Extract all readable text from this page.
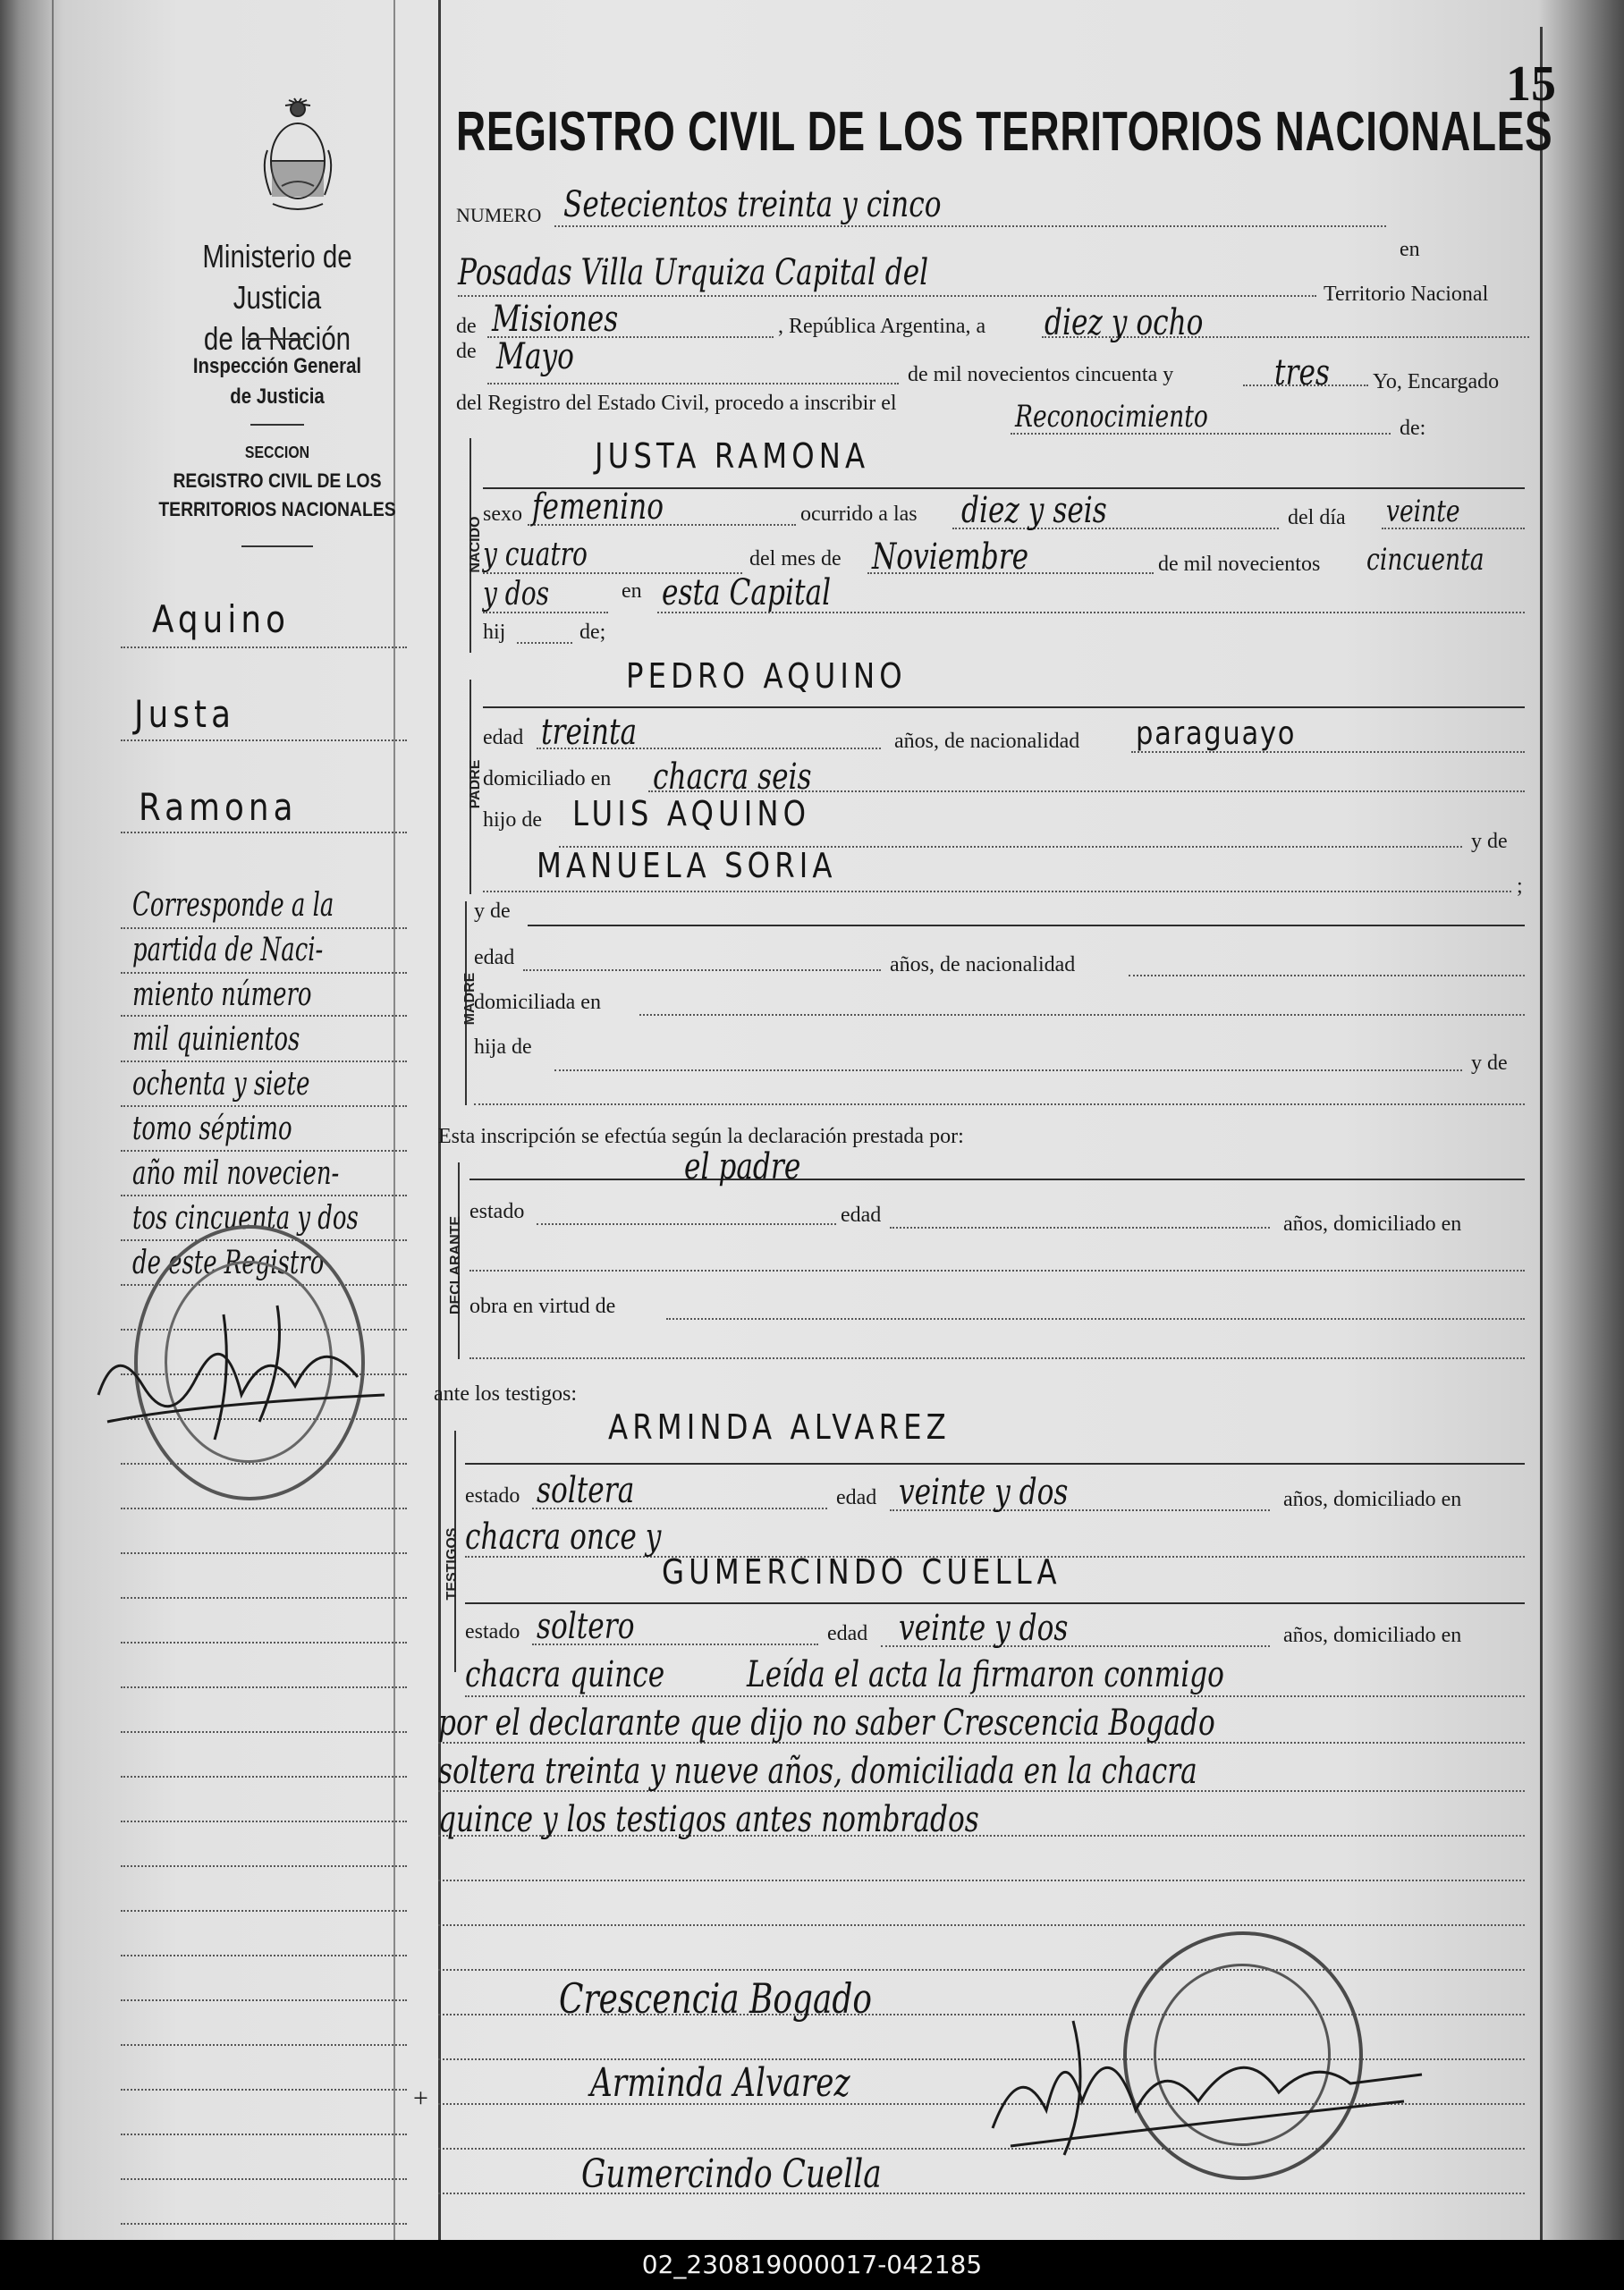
Ministerio de Justicia
de la Nación
Inspección General
de Justicia
SECCION
REGISTRO CIVIL DE LOS
TERRITORIOS NACIONALES
Aquino
Justa
Ramona
Corresponde a la
partida de Naci-
miento número
mil quinientos
ochenta y siete
tomo séptimo
año mil novecien-
tos cincuenta y dos
de este Registro
15
REGISTRO CIVIL DE LOS TERRITORIOS NACIONALES
NUMERO Setecientos treinta y cinco
en
Posadas Villa Urquiza Capital del
Territorio Nacional
de Misiones	, República Argentina, a diez y ocho
de Mayo	de mil novecientos cincuenta y	tres Yo, Encargado
del Registro del Estado Civil, procedo a inscribir el	Reconocimiento	de:
NACIDO
JUSTA RAMONA
sexo femenino	ocurrido a las diez y seis	del día veinte
y cuatro	del mes de Noviembre	de mil novecientos cincuenta
y dos	en esta Capital
hij	de;
PADRE
PEDRO AQUINO
edad treinta	años, de nacionalidad paraguayo
domiciliado en chacra seis
hijo de LUIS AQUINO
y de
MANUELA SORIA
;
MADRE
y de
edad	años, de nacionalidad
domiciliada en
hija de
y de
Esta inscripción se efectúa según la declaración prestada por:
DECLARANTE
el padre
estado	edad	años, domiciliado en
obra en virtud de
ante los testigos:
TESTIGOS
ARMINDA ALVAREZ
estado soltera	edad veinte y dos	años, domiciliado en
chacra once y
GUMERCINDO CUELLA
estado soltero	edad veinte y dos	años, domiciliado en
chacra quince Leída el acta la firmaron conmigo
por el declarante que dijo no saber Crescencia Bogado
soltera treinta y nueve años, domiciliada en la chacra
quince y los testigos antes nombrados
Crescencia Bogado
Arminda Alvarez
Gumercindo Cuella
+
02_230819000017-042185
